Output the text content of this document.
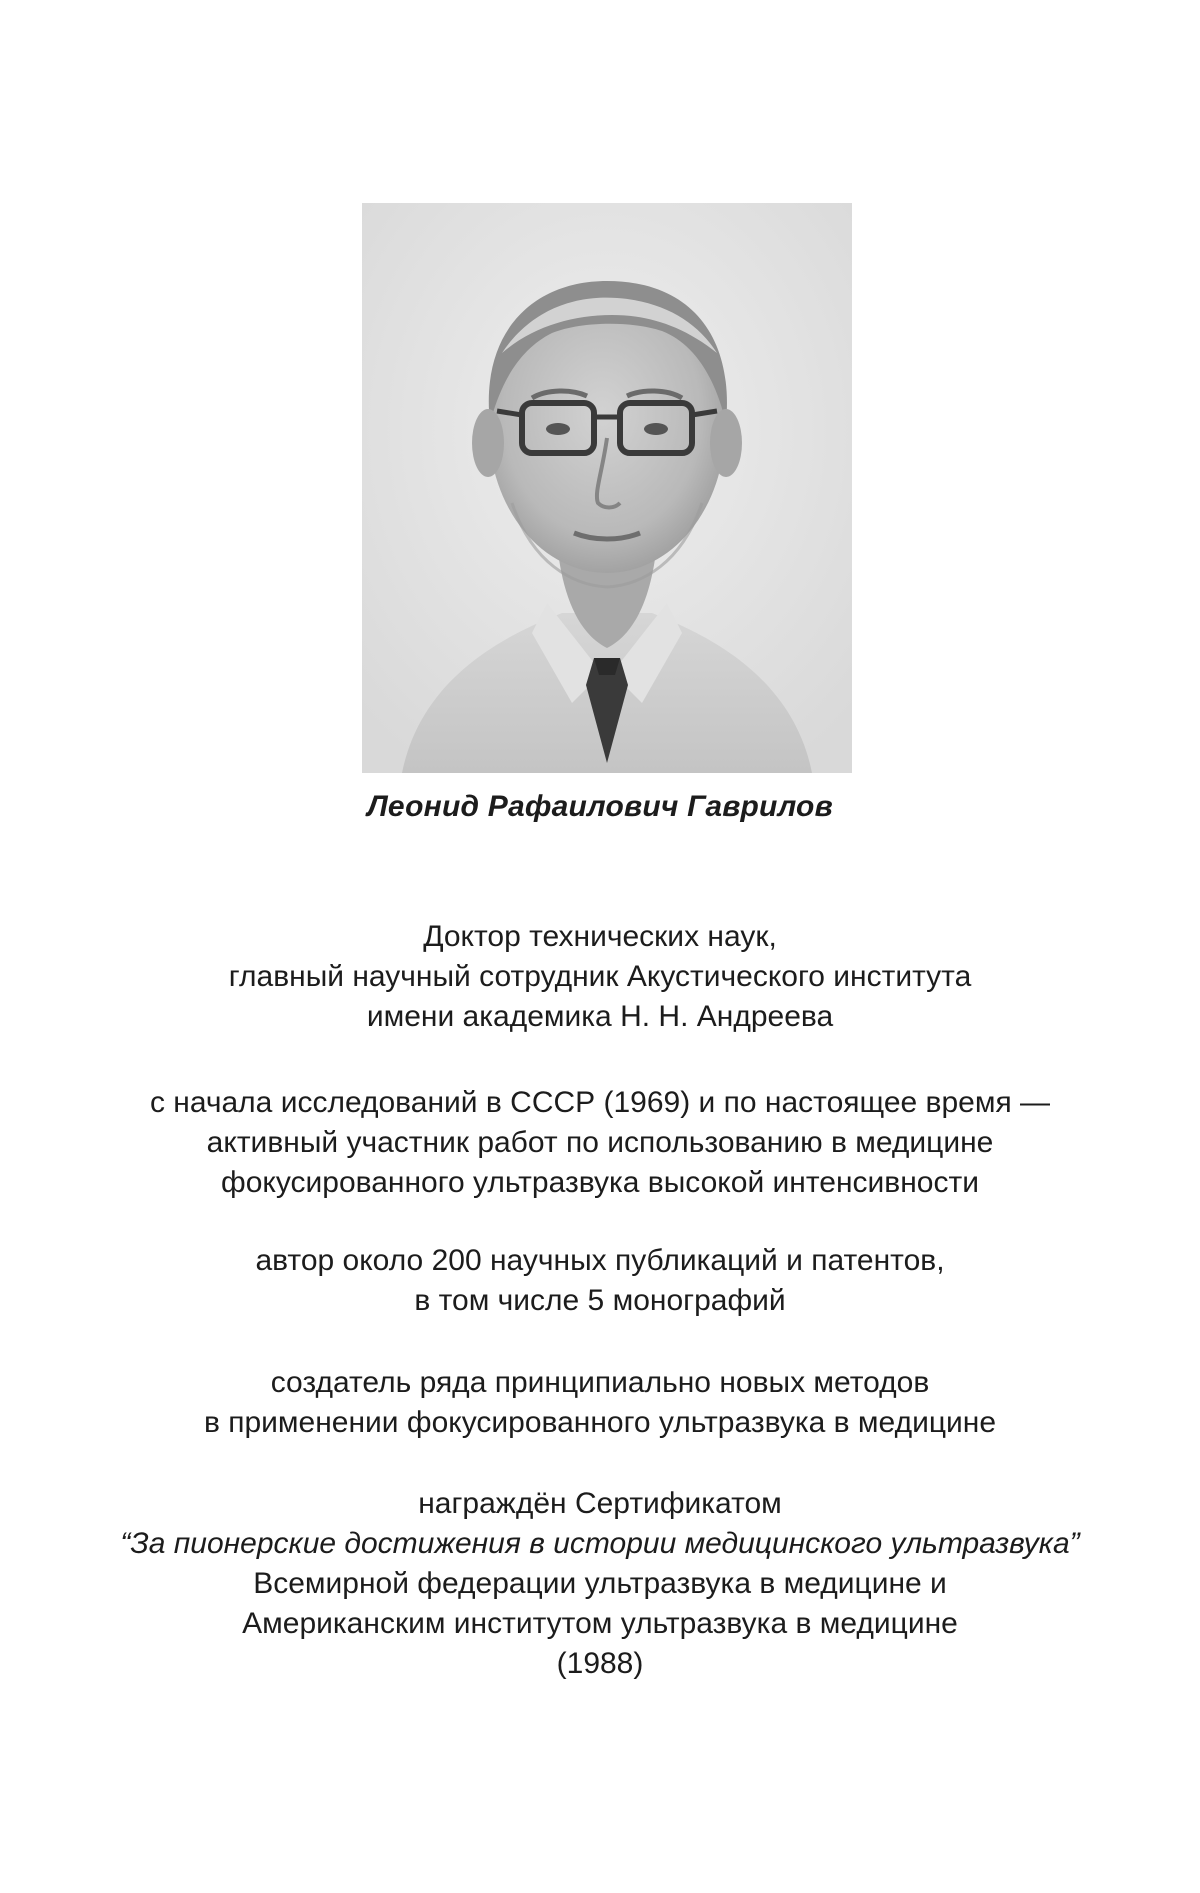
Леонид Рафаилович Гаврилов
Доктор технических наук,
главный научный сотрудник Акустического института
имени академика Н. Н. Андреева
с начала исследований в СССР (1969) и по настоящее время —
активный участник работ по использованию в медицине
фокусированного ультразвука высокой интенсивности
автор около 200 научных публикаций и патентов,
в том числе 5 монографий
создатель ряда принципиально новых методов
в применении фокусированного ультразвука в медицине
награждён Сертификатом
“За пионерские достижения в истории медицинского ультразвука”
Всемирной федерации ультразвука в медицине и
Американским институтом ультразвука в медицине
(1988)
